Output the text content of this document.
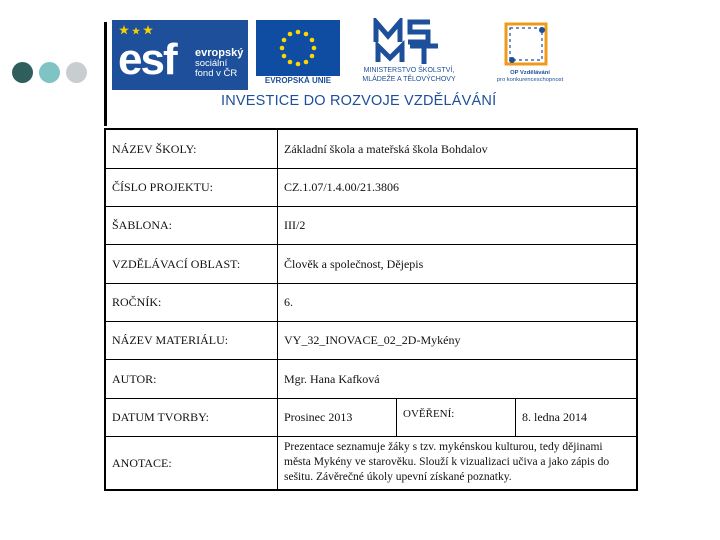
esf evropský
sociální
fond v ČR
EVROPSKÁ UNIE
MINISTERSTVO ŠKOLSTVÍ,
MLÁDEŽE A TĚLOVÝCHOVY
OP Vzdělávání
pro konkurenceschopnost
INVESTICE DO ROZVOJE VZDĚLÁVÁNÍ
NÁZEV ŠKOLY:	Základní škola a mateřská škola Bohdalov		
ČÍSLO PROJEKTU:	CZ.1.07/1.4.00/21.3806		
ŠABLONA:	III/2		
VZDĚLÁVACÍ OBLAST:	Člověk a společnost, Dějepis		
ROČNÍK:	6.		
NÁZEV MATERIÁLU:	VY_32_INOVACE_02_2D-Mykény		
AUTOR:	Mgr. Hana Kafková		
DATUM TVORBY:	Prosinec 2013	OVĚŘENÍ:	8. ledna 2014
ANOTACE:	Prezentace seznamuje žáky s tzv. mykénskou kulturou, tedy dějinami města Mykény ve starověku. Slouží k vizualizaci učiva a jako zápis do sešitu. Závěrečné úkoly upevní získané poznatky.		
